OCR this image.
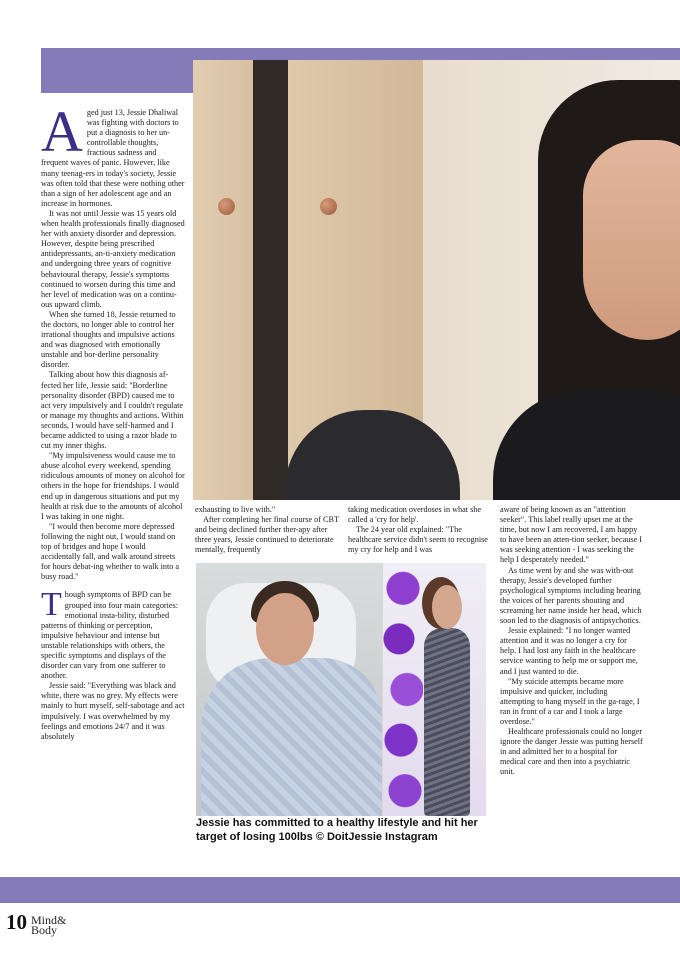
Aged just 13, Jessie Dhaliwal was fighting with doctors to put a diagnosis to her un-controllable thoughts, fractious sadness and frequent waves of panic. However, like many teenag-ers in today's society, Jessie was often told that these were nothing other than a sign of her adolescent age and an increase in hormones.

It was not until Jessie was 15 years old when health professionals finally diagnosed her with anxiety disorder and depression. However, despite being prescribed antidepressants, an-ti-anxiety medication and undergoing three years of cognitive behavioural therapy, Jessie's symptoms continued to worsen during this time and her level of medication was on a continu-ous upward climb.

When she turned 18, Jessie returned to the doctors, no longer able to control her irrational thoughts and impulsive actions and was diagnosed with emotionally unstable and bor-derline personality disorder.

Talking about how this diagnosis af-fected her life, Jessie said: "Borderline personality disorder (BPD) caused me to act very impulsively and I couldn't regulate or manage my thoughts and actions. Within seconds, I would have self-harmed and I became addicted to using a razor blade to cut my inner thighs.

"My impulsiveness would cause me to abuse alcohol every weekend, spending ridiculous amounts of money on alcohol for others in the hope for friendships. I would end up in dangerous situations and put my health at risk due to the amounts of alcohol I was taking in one night.

"I would then become more depressed following the night out, I would stand on top of bridges and hope I would accidentally fall, and walk around streets for hours debat-ing whether to walk into a busy road."

Though symptoms of BPD can be grouped into four main categories: emotional insta-bility, disturbed patterns of thinking or perception, impulsive behaviour and intense but unstable relationships with others, the specific symptoms and displays of the disorder can vary from one sufferer to another.

Jessie said: "Everything was black and white, there was no grey. My effects were mainly to hurt myself, self-sabotage and act impulsively. I was overwhelmed by my feelings and emotions 24/7 and it was absolutely

exhausting to live with."

After completing her final course of CBT and being declined further ther-apy after three years, Jessie continued to deteriorate mentally, frequently

taking medication overdoses in what she called a 'cry for help'.

The 24 year old explained: "The healthcare service didn't seem to recognise my cry for help and I was

aware of being known as an "attention seeker". This label really upset me at the time, but now I am recovered, I am happy to have been an atten-tion seeker, because I was seeking attention - I was seeking the help I desperately needed."

As time went by and she was with-out therapy, Jessie's developed further psychological symptoms including hearing the voices of her parents shouting and screaming her name inside her head, which soon led to the diagnosis of antipsychotics.

Jessie explained: "I no longer wanted attention and it was no longer a cry for help. I had lost any faith in the healthcare service wanting to help me or support me, and I just wanted to die.

"My suicide attempts became more impulsive and quicker, including attempting to hang myself in the ga-rage, I ran in front of a car and I took a large overdose."

Healthcare professionals could no longer ignore the danger Jessie was putting herself in and admitted her to a hospital for medical care and then into a psychiatric unit.

Jessie has committed to a healthy lifestyle and hit her target of losing 100lbs © DoitJessie Instagram
10 Mind&
Body
